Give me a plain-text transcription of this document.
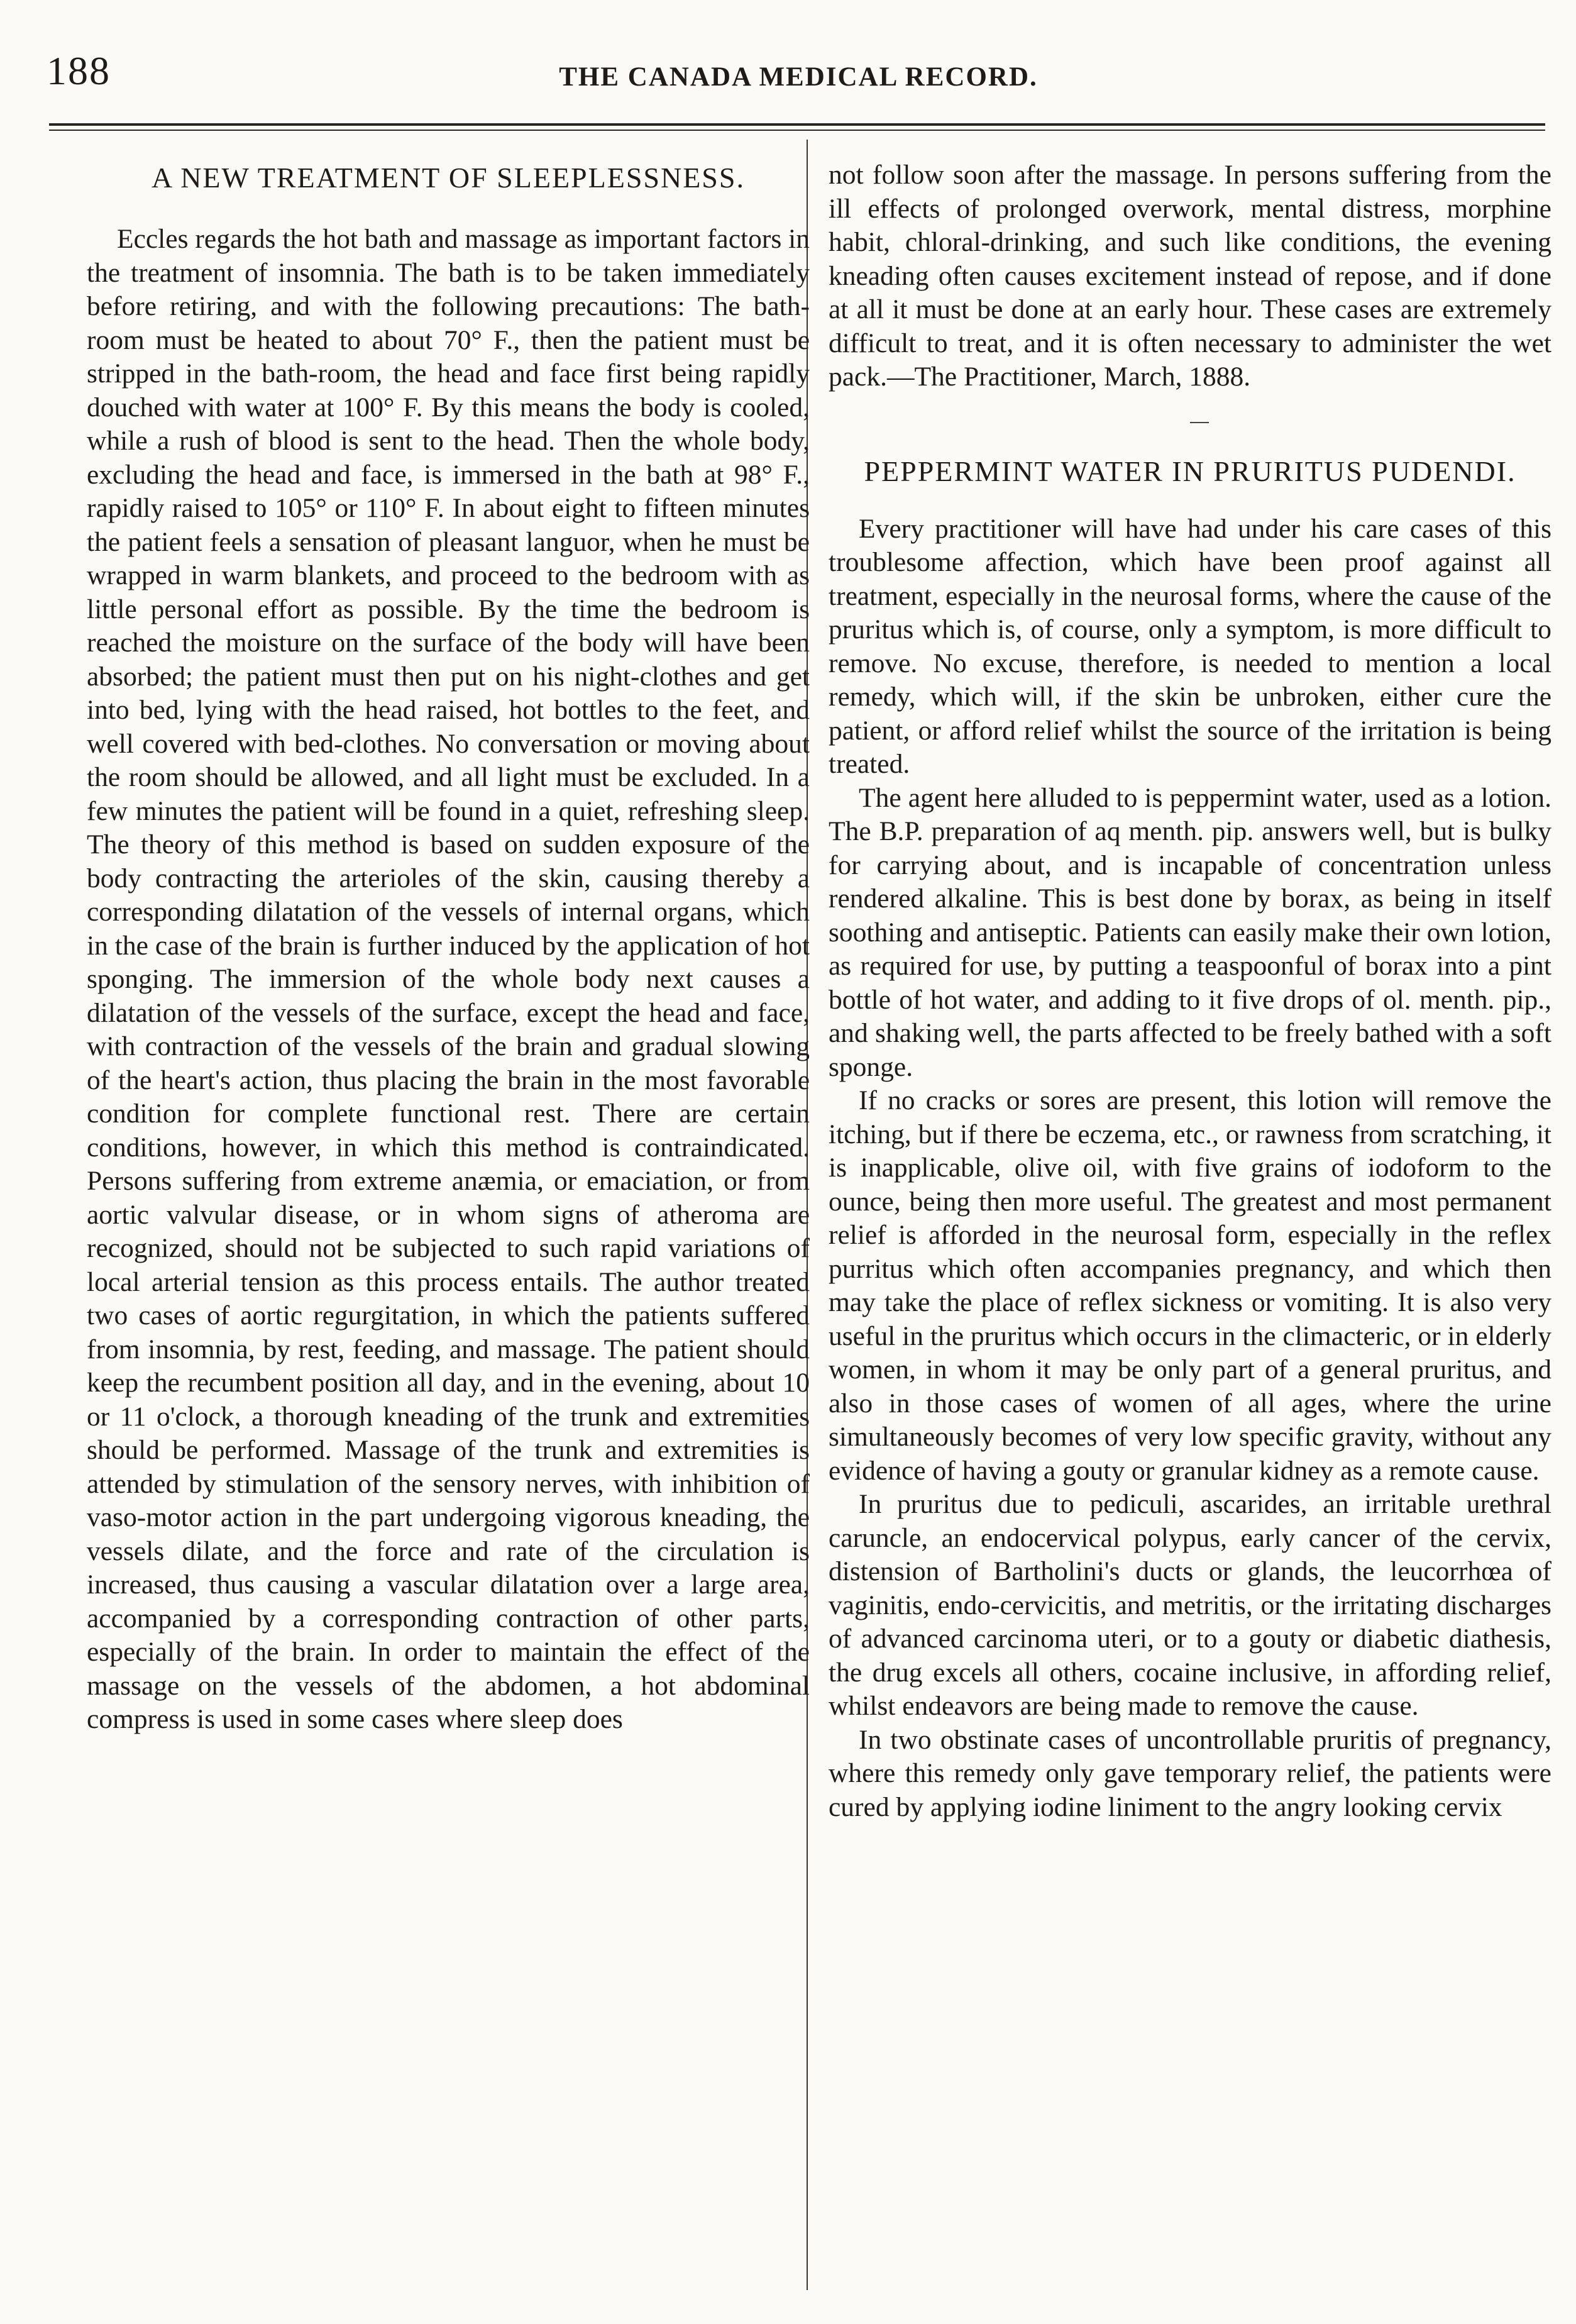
188	THE CANADA MEDICAL RECORD.
A NEW TREATMENT OF SLEEPLESSNESS.

Eccles regards the hot bath and massage as important factors in the treatment of insomnia. The bath is to be taken immediately before retiring, and with the following precautions: The bath-room must be heated to about 70° F., then the patient must be stripped in the bath-room, the head and face first being rapidly douched with water at 100° F. By this means the body is cooled, while a rush of blood is sent to the head. Then the whole body, excluding the head and face, is immersed in the bath at 98° F., rapidly raised to 105° or 110° F. In about eight to fifteen minutes the patient feels a sensation of pleasant languor, when he must be wrapped in warm blankets, and proceed to the bedroom with as little personal effort as possible. By the time the bedroom is reached the moisture on the surface of the body will have been absorbed; the patient must then put on his night-clothes and get into bed, lying with the head raised, hot bottles to the feet, and well covered with bed-clothes. No conversation or moving about the room should be allowed, and all light must be excluded. In a few minutes the patient will be found in a quiet, refreshing sleep. The theory of this method is based on sudden exposure of the body contracting the arterioles of the skin, causing thereby a corresponding dilatation of the vessels of internal organs, which in the case of the brain is further induced by the application of hot sponging. The immersion of the whole body next causes a dilatation of the vessels of the surface, except the head and face, with contraction of the vessels of the brain and gradual slowing of the heart's action, thus placing the brain in the most favorable condition for complete functional rest. There are certain conditions, however, in which this method is contraindicated. Persons suffering from extreme anæmia, or emaciation, or from aortic valvular disease, or in whom signs of atheroma are recognized, should not be subjected to such rapid variations of local arterial tension as this process entails. The author treated two cases of aortic regurgitation, in which the patients suffered from insomnia, by rest, feeding, and massage. The patient should keep the recumbent position all day, and in the evening, about 10 or 11 o'clock, a thorough kneading of the trunk and extremities should be performed. Massage of the trunk and extremities is attended by stimulation of the sensory nerves, with inhibition of vaso-motor action in the part undergoing vigorous kneading, the vessels dilate, and the force and rate of the circulation is increased, thus causing a vascular dilatation over a large area, accompanied by a corresponding contraction of other parts, especially of the brain. In order to maintain the effect of the massage on the vessels of the abdomen, a hot abdominal compress is used in some cases where sleep does

not follow soon after the massage. In persons suffering from the ill effects of prolonged overwork, mental distress, morphine habit, chloral-drinking, and such like conditions, the evening kneading often causes excitement instead of repose, and if done at all it must be done at an early hour. These cases are extremely difficult to treat, and it is often necessary to administer the wet pack.—The Practitioner, March, 1888.

PEPPERMINT WATER IN PRURITUS PUDENDI.

Every practitioner will have had under his care cases of this troublesome affection, which have been proof against all treatment, especially in the neurosal forms, where the cause of the pruritus which is, of course, only a symptom, is more difficult to remove. No excuse, therefore, is needed to mention a local remedy, which will, if the skin be unbroken, either cure the patient, or afford relief whilst the source of the irritation is being treated.

The agent here alluded to is peppermint water, used as a lotion. The B.P. preparation of aq menth. pip. answers well, but is bulky for carrying about, and is incapable of concentration unless rendered alkaline. This is best done by borax, as being in itself soothing and antiseptic. Patients can easily make their own lotion, as required for use, by putting a teaspoonful of borax into a pint bottle of hot water, and adding to it five drops of ol. menth. pip., and shaking well, the parts affected to be freely bathed with a soft sponge.

If no cracks or sores are present, this lotion will remove the itching, but if there be eczema, etc., or rawness from scratching, it is inapplicable, olive oil, with five grains of iodoform to the ounce, being then more useful. The greatest and most permanent relief is afforded in the neurosal form, especially in the reflex purritus which often accompanies pregnancy, and which then may take the place of reflex sickness or vomiting. It is also very useful in the pruritus which occurs in the climacteric, or in elderly women, in whom it may be only part of a general pruritus, and also in those cases of women of all ages, where the urine simultaneously becomes of very low specific gravity, without any evidence of having a gouty or granular kidney as a remote cause.

In pruritus due to pediculi, ascarides, an irritable urethral caruncle, an endocervical polypus, early cancer of the cervix, distension of Bartholini's ducts or glands, the leucorrhœa of vaginitis, endo-cervicitis, and metritis, or the irritating discharges of advanced carcinoma uteri, or to a gouty or diabetic diathesis, the drug excels all others, cocaine inclusive, in affording relief, whilst endeavors are being made to remove the cause.

In two obstinate cases of uncontrollable pruritis of pregnancy, where this remedy only gave temporary relief, the patients were cured by applying iodine liniment to the angry looking cervix
